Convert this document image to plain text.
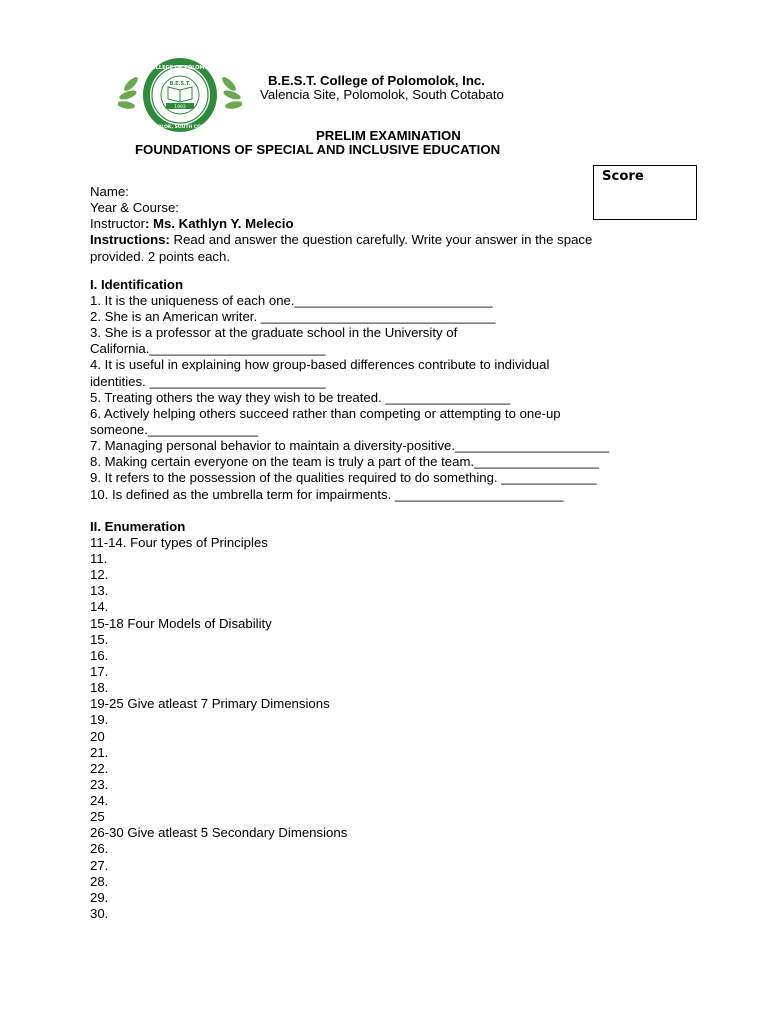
B.E.S.T. COLLEGE OF POLOMOLOK, INC.
POLOMOLOK, SOUTH COTABATO
1993
B.E.S.T.	B.E.S.T. College of Polomolok, Inc.
Valencia Site, Polomolok, South Cotabato
PRELIM EXAMINATION
FOUNDATIONS OF SPECIAL AND INCLUSIVE EDUCATION
Score
Name:
Year & Course:
Instructor: Ms. Kathlyn Y. Melecio
Instructions: Read and answer the question carefully. Write your answer in the space
provided. 2 points each.
I. Identification
1. It is the uniqueness of each one.___________________________
2. She is an American writer. ________________________________
3. She is a professor at the graduate school in the University of
California.________________________
4. It is useful in explaining how group-based differences contribute to individual
identities. ________________________
5. Treating others the way they wish to be treated. _________________
6. Actively helping others succeed rather than competing or attempting to one-up
someone._______________
7. Managing personal behavior to maintain a diversity-positive._____________________
8. Making certain everyone on the team is truly a part of the team._________________
9. It refers to the possession of the qualities required to do something. _____________
10. Is defined as the umbrella term for impairments. _______________________
II. Enumeration
11-14. Four types of Principles
11.
12.
13.
14.
15-18 Four Models of Disability
15.
16.
17.
18.
19-25 Give atleast 7 Primary Dimensions
19.
20
21.
22.
23.
24.
25
26-30 Give atleast 5 Secondary Dimensions
26.
27.
28.
29.
30.
